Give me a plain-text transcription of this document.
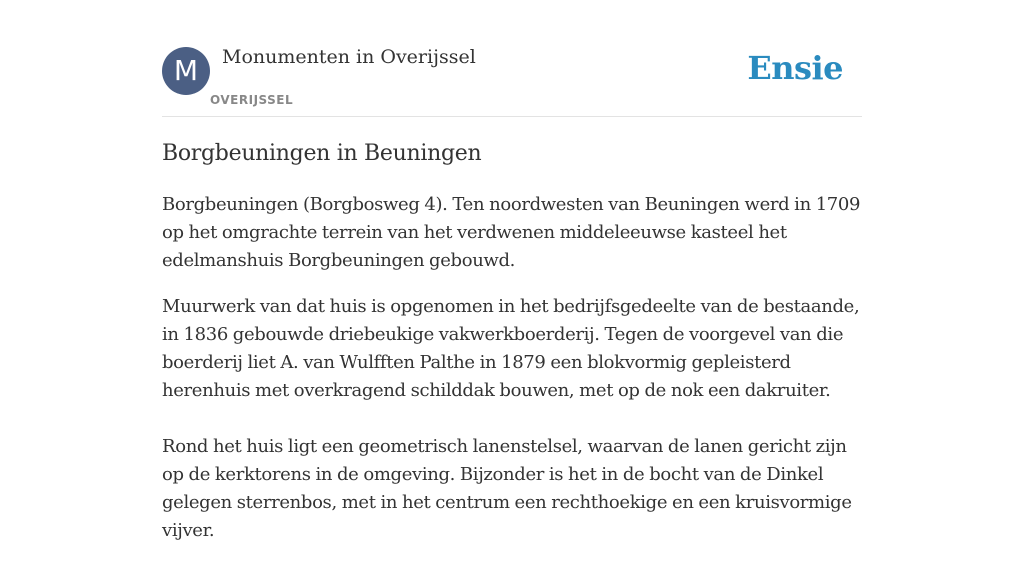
M	Monumenten in Overijssel
OVERIJSSEL
Ensie
Borgbeuningen in Beuningen

Borgbeuningen (Borgbosweg 4). Ten noordwesten van Beuningen werd in 1709 op het omgrachte terrein van het verdwenen middeleeuwse kasteel het edelmanshuis Borgbeuningen gebouwd.

Muurwerk van dat huis is opgenomen in het bedrijfsgedeelte van de bestaande, in 1836 gebouwde driebeukige vakwerkboerderij. Tegen de voorgevel van die boerderij liet A. van Wulfften Palthe in 1879 een blokvormig gepleisterd herenhuis met overkragend schilddak bouwen, met op de nok een dakruiter.

Rond het huis ligt een geometrisch lanenstelsel, waarvan de lanen gericht zijn op de kerktorens in de omgeving. Bijzonder is het in de bocht van de Dinkel gelegen sterrenbos, met in het centrum een rechthoekige en een kruisvormige vijver.
